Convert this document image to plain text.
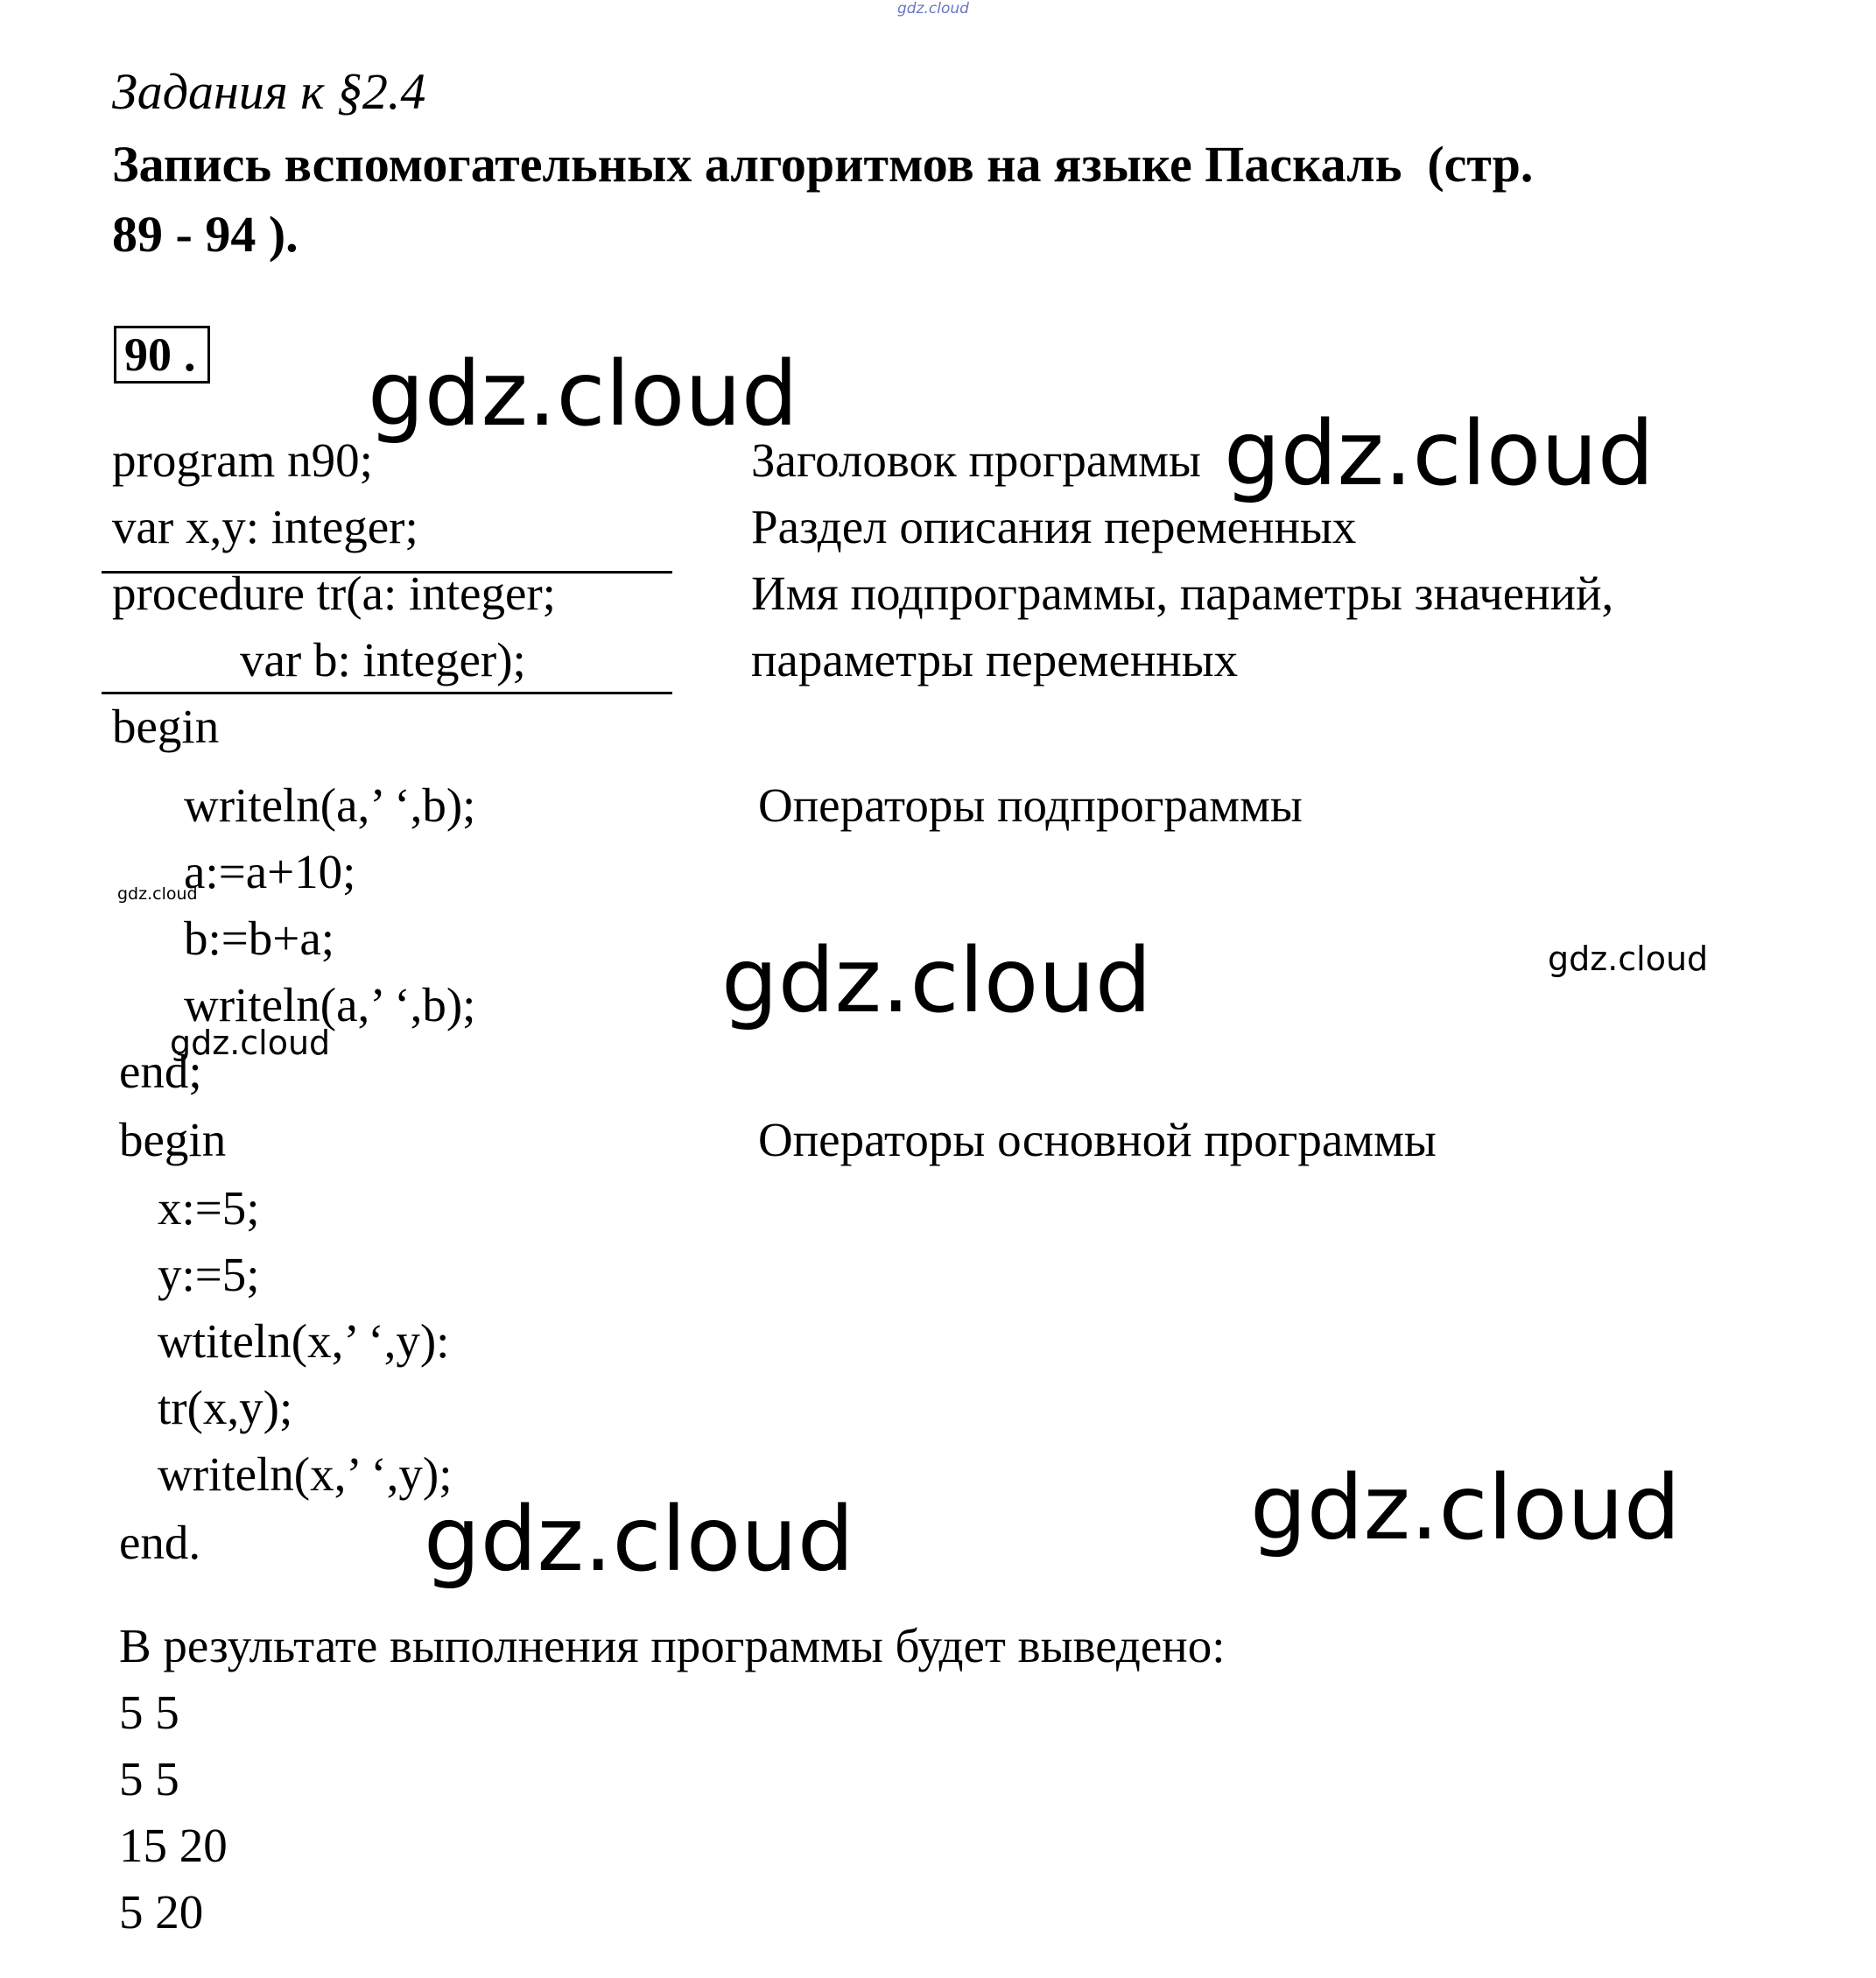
gdz.cloud
Задания к §2.4
Запись вспомогательных алгоритмов на языке Паскаль  (стр.
89 - 94 ).
90 .
program n90;
var x,y: integer;
procedure tr(a: integer;
var b: integer);
begin
writeln(a,’ ‘,b);
a:=a+10;
b:=b+a;
writeln(a,’ ‘,b);
end;
begin
x:=5;
y:=5;
wtiteln(x,’ ‘,y):
tr(x,y);
writeln(x,’ ‘,y);
end.
Заголовок программы
Раздел описания переменных
Имя подпрограммы, параметры значений,
параметры переменных
Операторы подпрограммы
Операторы основной программы
В результате выполнения программы будет выведено:
5 5
5 5
15 20
5 20
gdz.cloud
gdz.cloud
gdz.cloud
gdz.cloud	gdz.cloud
gdz.cloud
gdz.cloud
gdz.cloud
